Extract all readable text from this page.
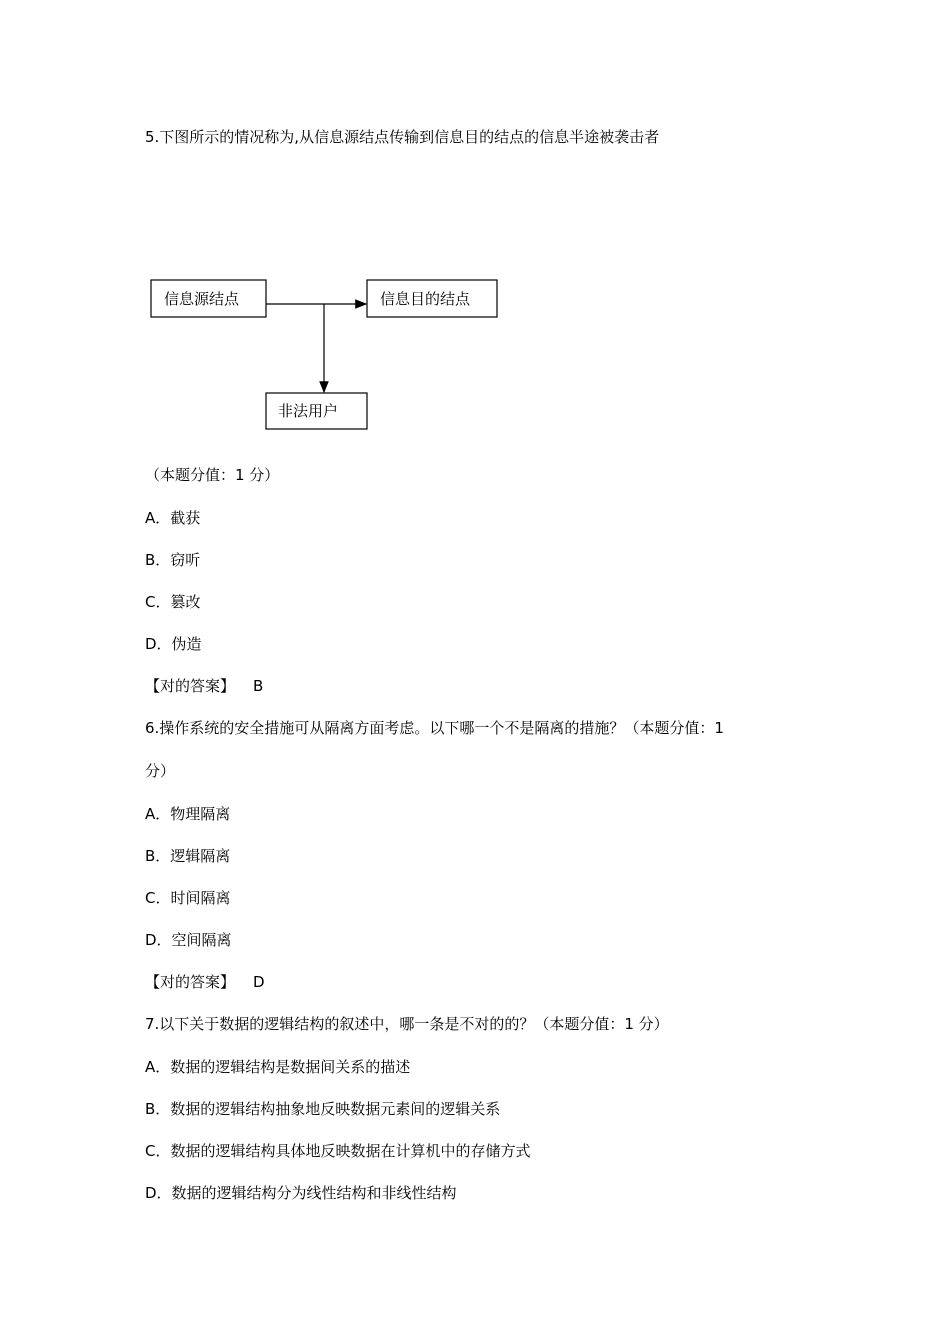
5.下图所示的情况称为,从信息源结点传输到信息目的结点的信息半途被袭击者
信息源结点	信息目的结点
非法用户
（本题分值：1 分）
A．截获
B．窃听
C．篡改
D．伪造
【对的答案】 B
6.操作系统的安全措施可从隔离方面考虑。以下哪一个不是隔离的措施？（本题分值：1
分）
A．物理隔离
B．逻辑隔离
C．时间隔离
D．空间隔离
【对的答案】 D
7.以下关于数据的逻辑结构的叙述中，哪一条是不对的的？（本题分值：1 分）
A．数据的逻辑结构是数据间关系的描述
B．数据的逻辑结构抽象地反映数据元素间的逻辑关系
C．数据的逻辑结构具体地反映数据在计算机中的存储方式
D．数据的逻辑结构分为线性结构和非线性结构
